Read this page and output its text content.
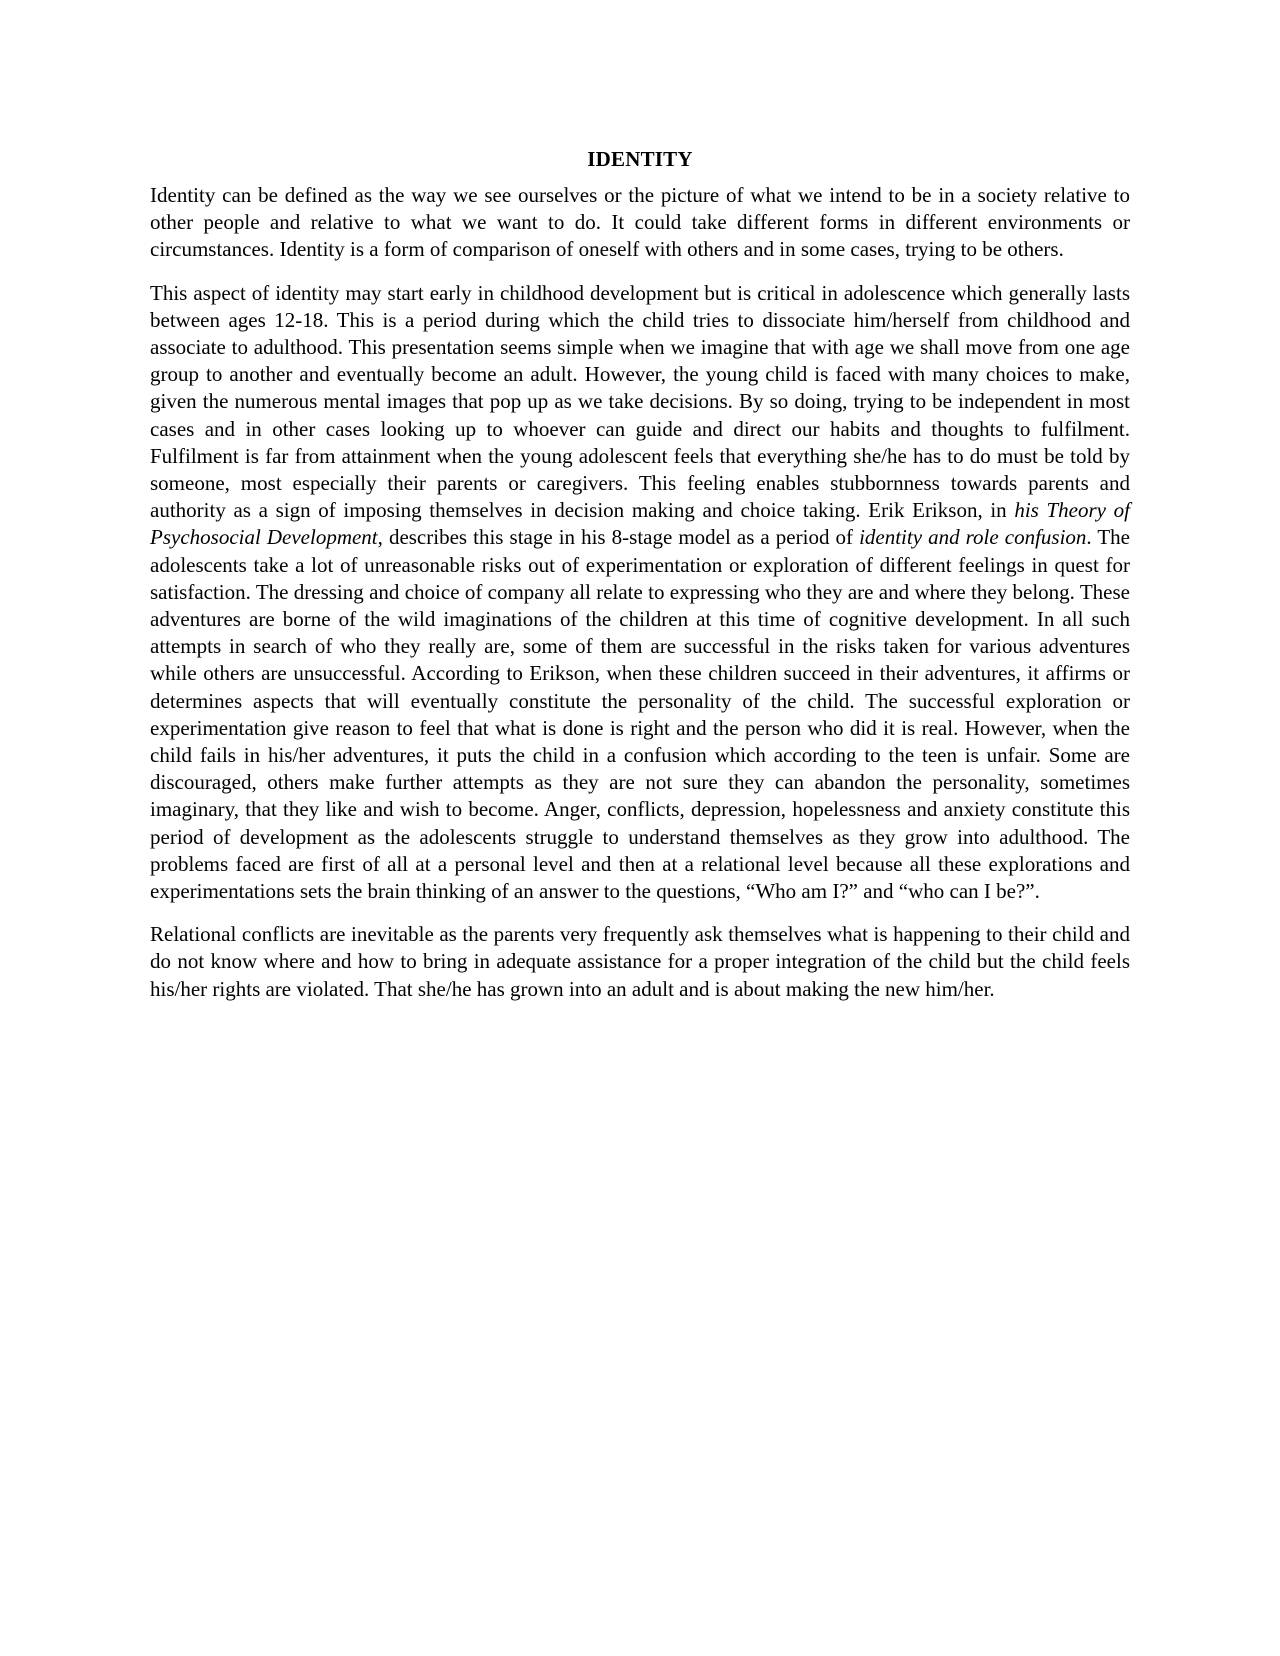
IDENTITY

Identity can be defined as the way we see ourselves or the picture of what we intend to be in a society relative to other people and relative to what we want to do. It could take different forms in different environments or circumstances. Identity is a form of comparison of oneself with others and in some cases, trying to be others.

This aspect of identity may start early in childhood development but is critical in adolescence which generally lasts between ages 12-18. This is a period during which the child tries to dissociate him/herself from childhood and associate to adulthood. This presentation seems simple when we imagine that with age we shall move from one age group to another and eventually become an adult. However, the young child is faced with many choices to make, given the numerous mental images that pop up as we take decisions. By so doing, trying to be independent in most cases and in other cases looking up to whoever can guide and direct our habits and thoughts to fulfilment. Fulfilment is far from attainment when the young adolescent feels that everything she/he has to do must be told by someone, most especially their parents or caregivers. This feeling enables stubbornness towards parents and authority as a sign of imposing themselves in decision making and choice taking. Erik Erikson, in his Theory of Psychosocial Development, describes this stage in his 8-stage model as a period of identity and role confusion. The adolescents take a lot of unreasonable risks out of experimentation or exploration of different feelings in quest for satisfaction. The dressing and choice of company all relate to expressing who they are and where they belong. These adventures are borne of the wild imaginations of the children at this time of cognitive development. In all such attempts in search of who they really are, some of them are successful in the risks taken for various adventures while others are unsuccessful. According to Erikson, when these children succeed in their adventures, it affirms or determines aspects that will eventually constitute the personality of the child. The successful exploration or experimentation give reason to feel that what is done is right and the person who did it is real. However, when the child fails in his/her adventures, it puts the child in a confusion which according to the teen is unfair. Some are discouraged, others make further attempts as they are not sure they can abandon the personality, sometimes imaginary, that they like and wish to become. Anger, conflicts, depression, hopelessness and anxiety constitute this period of development as the adolescents struggle to understand themselves as they grow into adulthood. The problems faced are first of all at a personal level and then at a relational level because all these explorations and experimentations sets the brain thinking of an answer to the questions, “Who am I?” and “who can I be?”.

Relational conflicts are inevitable as the parents very frequently ask themselves what is happening to their child and do not know where and how to bring in adequate assistance for a proper integration of the child but the child feels his/her rights are violated. That she/he has grown into an adult and is about making the new him/her.
